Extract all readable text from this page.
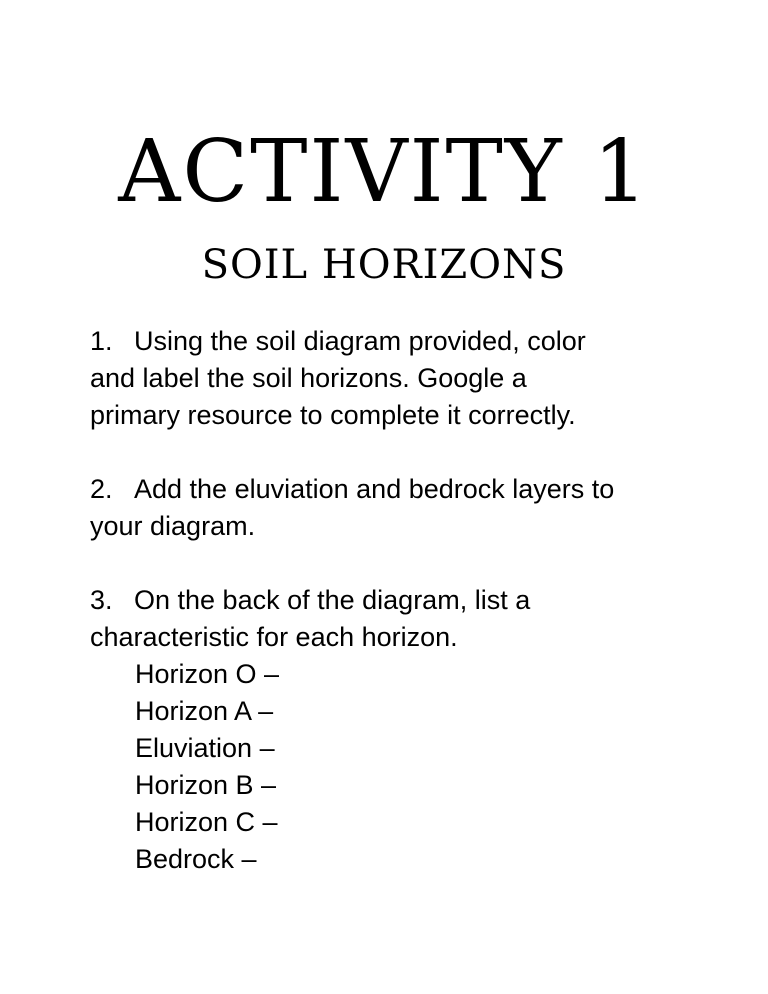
ACTIVITY 1
SOIL HORIZONS
1. Using the soil diagram provided, color
and label the soil horizons. Google a
primary resource to complete it correctly.
2. Add the eluviation and bedrock layers to
your diagram.
3. On the back of the diagram, list a
characteristic for each horizon.
Horizon O –
Horizon A –
Eluviation –
Horizon B –
Horizon C –
Bedrock –
